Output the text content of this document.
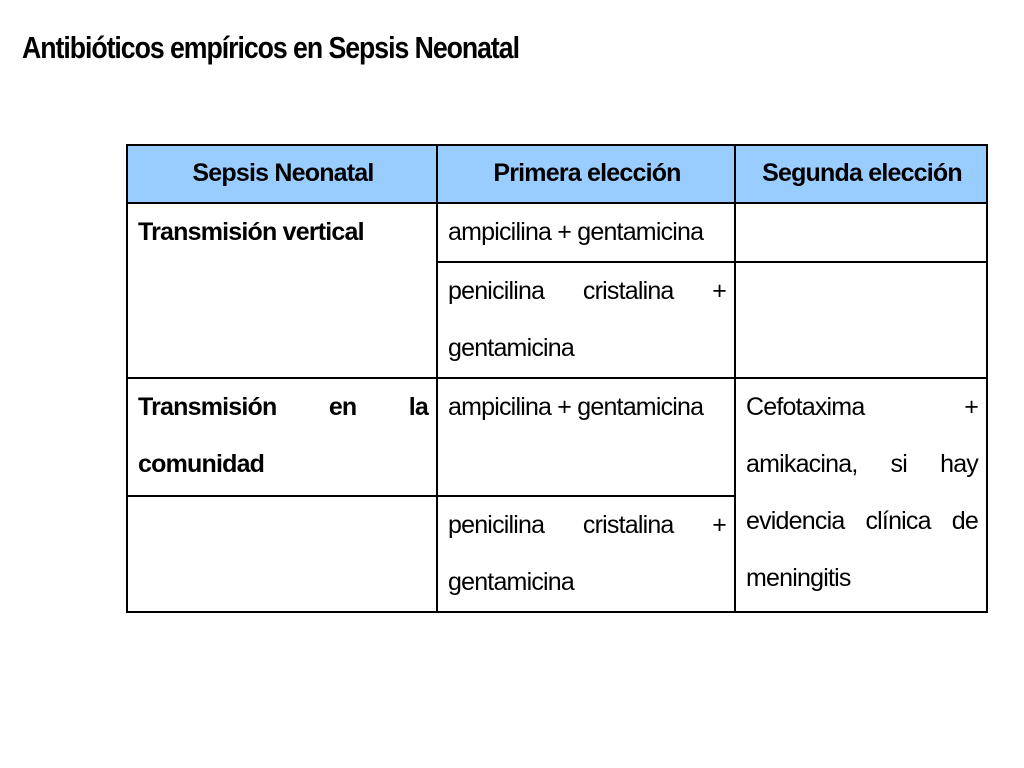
Antibióticos empíricos en Sepsis Neonatal
Sepsis Neonatal	Primera elección	Segunda elección
Transmisión vertical	ampicilina + gentamicina	
	penicilina cristalina + gentamicina	
Transmisión en la comunidad	ampicilina + gentamicina	Cefotaxima + amikacina, si hay evidencia clínica de meningitis
	penicilina cristalina + gentamicina	
